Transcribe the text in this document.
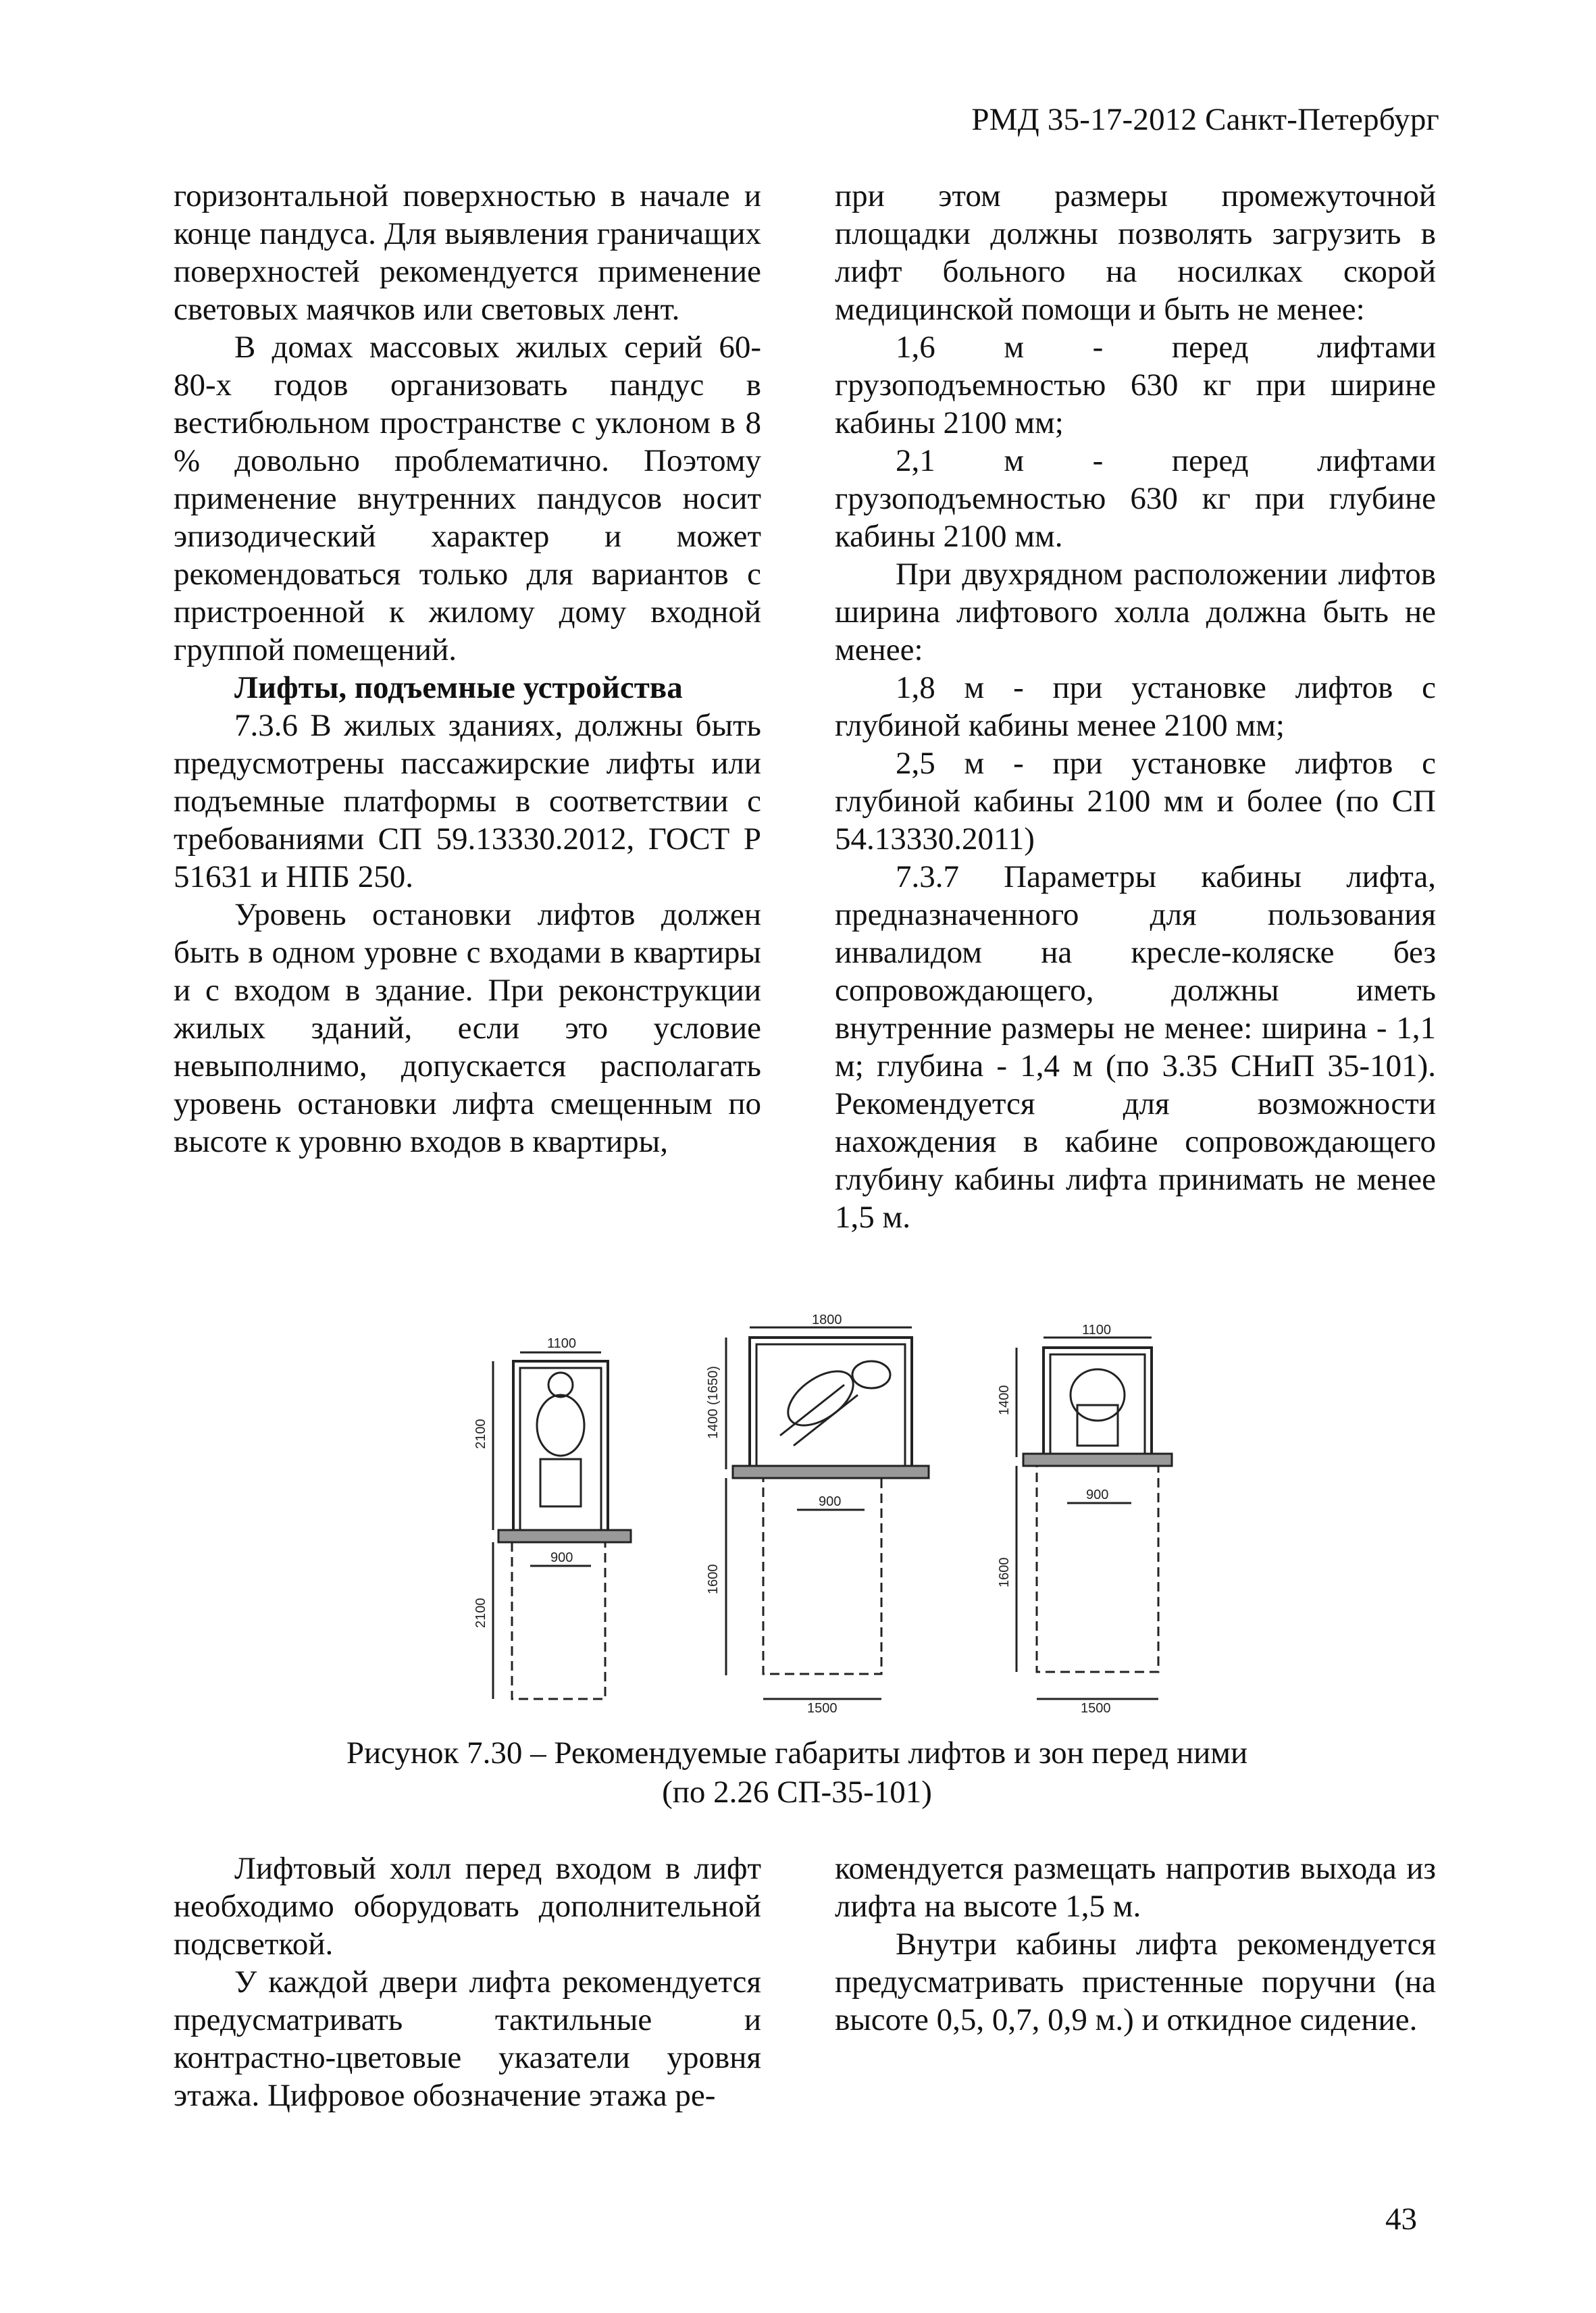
РМД 35-17-2012 Санкт-Петербург

горизонтальной поверхностью в начале и конце пандуса. Для выявления граничащих поверхностей рекомендуется применение световых маячков или световых лент.

В домах массовых жилых серий 60-80-х годов организовать пандус в вестибюльном пространстве с уклоном в 8 % довольно проблематично. Поэтому применение внутренних пандусов носит эпизодический характер и может рекомендоваться только для вариантов с пристроенной к жилому дому входной группой помещений.

Лифты, подъемные устройства

7.3.6 В жилых зданиях, должны быть предусмотрены пассажирские лифты или подъемные платформы в соответствии с требованиями СП 59.13330.2012, ГОСТ Р 51631 и НПБ 250.

Уровень остановки лифтов должен быть в одном уровне с входами в квартиры и с входом в здание. При реконструкции жилых зданий, если это условие невыполнимо, допускается располагать уровень остановки лифта смещенным по высоте к уровню входов в квартиры,

при этом размеры промежуточной площадки должны позволять загрузить в лифт больного на носилках скорой медицинской помощи и быть не менее:

1,6 м - перед лифтами грузоподъемностью 630 кг при ширине кабины 2100 мм;

2,1 м - перед лифтами грузоподъемностью 630 кг при глубине кабины 2100 мм.

При двухрядном расположении лифтов ширина лифтового холла должна быть не менее:

1,8 м - при установке лифтов с глубиной кабины менее 2100 мм;

2,5 м - при установке лифтов с глубиной кабины 2100 мм и более (по СП 54.13330.2011)

7.3.7 Параметры кабины лифта, предназначенного для пользования инвалидом на кресле-коляске без сопровождающего, должны иметь внутренние размеры не менее: ширина - 1,1 м; глубина - 1,4 м (по 3.35 СНиП 35-101). Рекомендуется для возможности нахождения в кабине сопровождающего глубину кабины лифта принимать не менее 1,5 м.

1100
2100
900
2100
1800
1400 (1650)
900
1600
1500
1100
1400
900
1600
1500
Рисунок 7.30 – Рекомендуемые габариты лифтов и зон перед ними
(по 2.26 СП-35-101)

Лифтовый холл перед входом в лифт необходимо оборудовать дополнительной подсветкой.

У каждой двери лифта рекомендуется предусматривать тактильные и контрастно-цветовые указатели уровня этажа. Цифровое обозначение этажа ре-

комендуется размещать напротив выхода из лифта на высоте 1,5 м.

Внутри кабины лифта рекомендуется предусматривать пристенные поручни (на высоте 0,5, 0,7, 0,9 м.) и откидное сидение.

43
